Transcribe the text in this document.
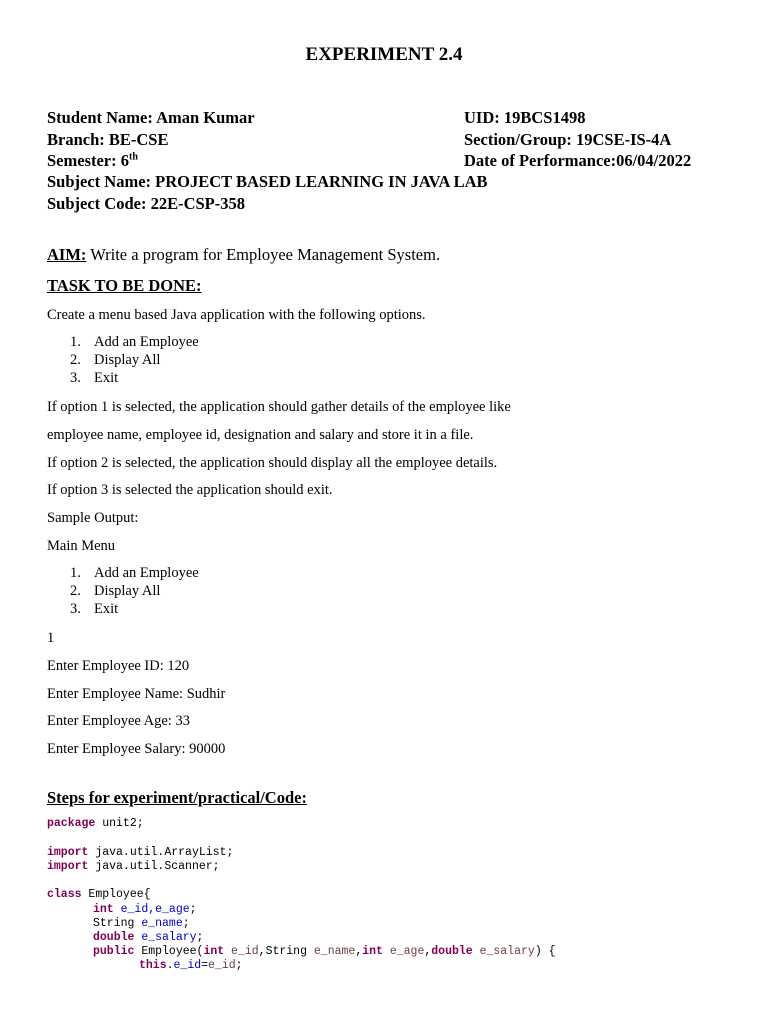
EXPERIMENT 2.4
Student Name: Aman Kumar	UID: 19BCS1498
Branch: BE-CSE	Section/Group: 19CSE-IS-4A
Semester: 6th	Date of Performance:06/04/2022
Subject Name: PROJECT BASED LEARNING IN JAVA LAB
Subject Code: 22E-CSP-358
AIM: Write a program for Employee Management System.
TASK TO BE DONE:
Create a menu based Java application with the following options.
1. Add an Employee
2. Display All
3. Exit
If option 1 is selected, the application should gather details of the employee like
employee name, employee id, designation and salary and store it in a file.
If option 2 is selected, the application should display all the employee details.
If option 3 is selected the application should exit.
Sample Output:
Main Menu
1. Add an Employee
2. Display All
3. Exit
1
Enter Employee ID: 120
Enter Employee Name: Sudhir
Enter Employee Age: 33
Enter Employee Salary: 90000
Steps for experiment/practical/Code:
package unit2;
import java.util.ArrayList;
import java.util.Scanner;
class Employee{
int e_id,e_age;
String e_name;
double e_salary;
public Employee(int e_id,String e_name,int e_age,double e_salary) {
this.e_id=e_id;
